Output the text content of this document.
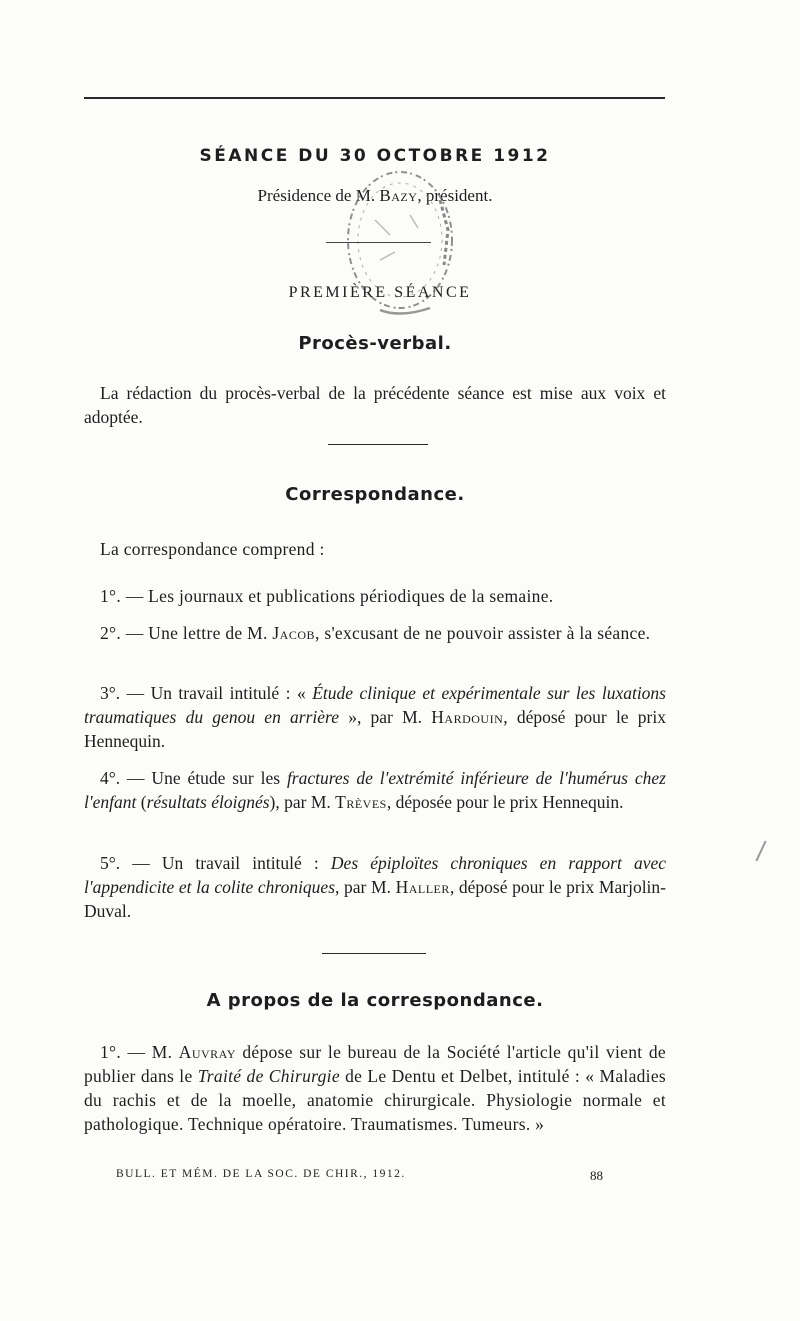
SÉANCE DU 30 OCTOBRE 1912
Présidence de M. Bazy, président.
PREMIÈRE SÉANCE
Procès-verbal.

La rédaction du procès-verbal de la précédente séance est mise aux voix et adoptée.

Correspondance.

La correspondance comprend :

1°. — Les journaux et publications périodiques de la semaine.

2°. — Une lettre de M. Jacob, s'excusant de ne pouvoir assister à la séance.

3°. — Un travail intitulé : « Étude clinique et expérimentale sur les luxations traumatiques du genou en arrière », par M. Hardouin, déposé pour le prix Hennequin.

4°. — Une étude sur les fractures de l'extrémité inférieure de l'humérus chez l'enfant (résultats éloignés), par M. Trèves, déposée pour le prix Hennequin.

5°. — Un travail intitulé : Des épiploïtes chroniques en rapport avec l'appendicite et la colite chroniques, par M. Haller, déposé pour le prix Marjolin-Duval.

A propos de la correspondance.

1°. — M. Auvray dépose sur le bureau de la Société l'article qu'il vient de publier dans le Traité de Chirurgie de Le Dentu et Delbet, intitulé : « Maladies du rachis et de la moelle, anatomie chirurgicale. Physiologie normale et pathologique. Technique opératoire. Traumatismes. Tumeurs. »

BULL. ET MÉM. DE LA SOC. DE CHIR., 1912.	88
